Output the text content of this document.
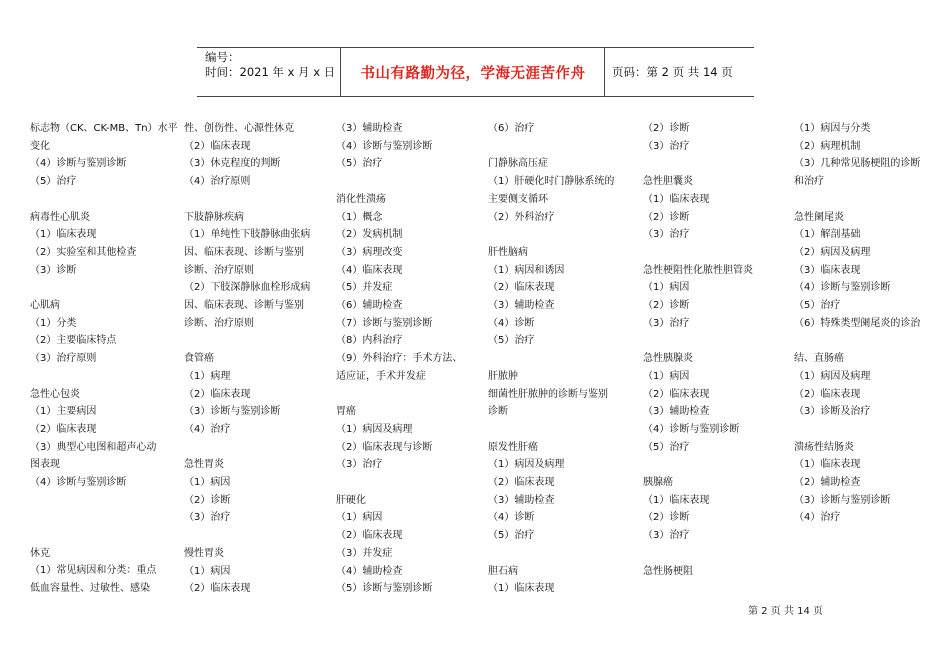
编号：
时间：2021 年 x 月 x 日	书山有路勤为径，学海无涯苦作舟	页码：第 2 页 共 14 页
标志物（CK、CK-MB、Tn）水平变化
（4）诊断与鉴别诊断
（5）治疗
病毒性心肌炎
（1）临床表现
（2）实验室和其他检查
（3）诊断
心肌病
（1）分类
（2）主要临床特点
（3）治疗原则
急性心包炎
（1）主要病因
（2）临床表现
（3）典型心电图和超声心动
图表现
（4）诊断与鉴别诊断
休克
（1）常见病因和分类：重点
低血容量性、过敏性、感染
性、创伤性、心源性休克
（2）临床表现
（3）休克程度的判断
（4）治疗原则
下肢静脉疾病
（1）单纯性下肢静脉曲张病
因、临床表现、诊断与鉴别
诊断、治疗原则
（2）下肢深静脉血栓形成病
因、临床表现、诊断与鉴别
诊断、治疗原则
食管癌
（1）病理
（2）临床表现
（3）诊断与鉴别诊断
（4）治疗
急性胃炎
（1）病因
（2）诊断
（3）治疗
慢性胃炎
（1）病因
（2）临床表现
（3）辅助检查
（4）诊断与鉴别诊断
（5）治疗
消化性溃疡
（1）概念
（2）发病机制
（3）病理改变
（4）临床表现
（5）并发症
（6）辅助检查
（7）诊断与鉴别诊断
（8）内科治疗
（9）外科治疗：手术方法、
适应证，手术并发症
胃癌
（1）病因及病理
（2）临床表现与诊断
（3）治疗
肝硬化
（1）病因
（2）临床表现
（3）并发症
（4）辅助检查
（5）诊断与鉴别诊断
（6）治疗
门静脉高压症
（1）肝硬化时门静脉系统的
主要侧支循环
（2）外科治疗
肝性脑病
（1）病因和诱因
（2）临床表现
（3）辅助检查
（4）诊断
（5）治疗
肝脓肿
细菌性肝脓肿的诊断与鉴别
诊断
原发性肝癌
（1）病因及病理
（2）临床表现
（3）辅助检查
（4）诊断
（5）治疗
胆石病
（1）临床表现
（2）诊断
（3）治疗
急性胆囊炎
（1）临床表现
（2）诊断
（3）治疗
急性梗阻性化脓性胆管炎
（1）病因
（2）诊断
（3）治疗
急性胰腺炎
（1）病因
（2）临床表现
（3）辅助检查
（4）诊断与鉴别诊断
（5）治疗
胰腺癌
（1）临床表现
（2）诊断
（3）治疗
急性肠梗阻
（1）病因与分类
（2）病理机制
（3）几种常见肠梗阻的诊断
和治疗
急性阑尾炎
（1）解剖基础
（2）病因及病理
（3）临床表现
（4）诊断与鉴别诊断
（5）治疗
（6）特殊类型阑尾炎的诊治
结、直肠癌
（1）病因及病理
（2）临床表现
（3）诊断及治疗
溃疡性结肠炎
（1）临床表现
（2）辅助检查
（3）诊断与鉴别诊断
（4）治疗
第 2 页 共 14 页
